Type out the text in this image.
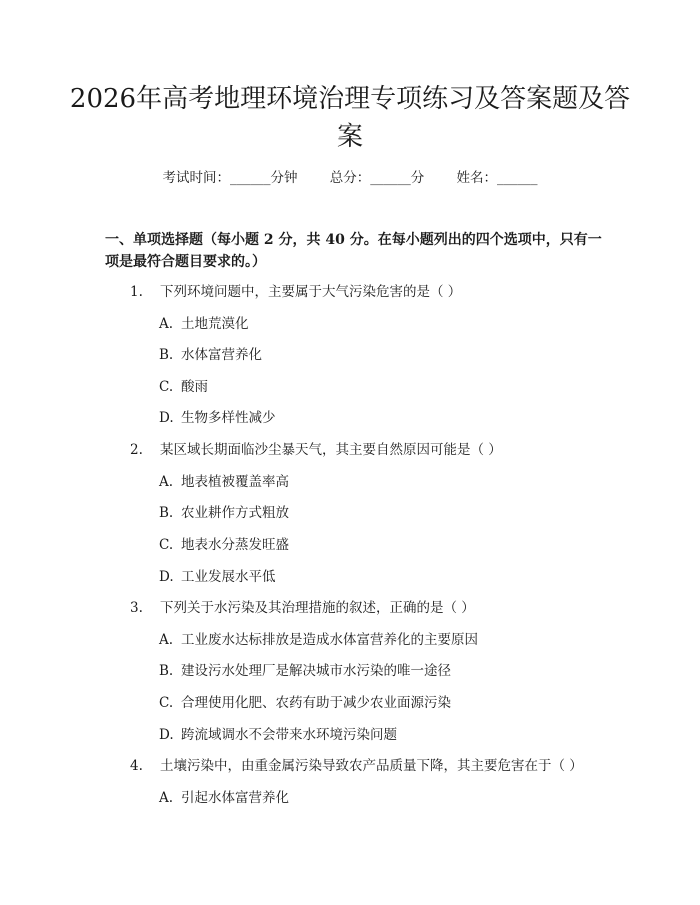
2026年高考地理环境治理专项练习及答案题及答案
考试时间：______分钟 总分：______分 姓名：______
一、单项选择题（每小题 2 分，共 40 分。在每小题列出的四个选项中，只有一项是最符合题目要求的。）
1. 下列环境问题中，主要属于大气污染危害的是（ ）
A. 土地荒漠化
B. 水体富营养化
C. 酸雨
D. 生物多样性减少
2. 某区域长期面临沙尘暴天气，其主要自然原因可能是（ ）
A. 地表植被覆盖率高
B. 农业耕作方式粗放
C. 地表水分蒸发旺盛
D. 工业发展水平低
3. 下列关于水污染及其治理措施的叙述，正确的是（ ）
A. 工业废水达标排放是造成水体富营养化的主要原因
B. 建设污水处理厂是解决城市水污染的唯一途径
C. 合理使用化肥、农药有助于减少农业面源污染
D. 跨流域调水不会带来水环境污染问题
4. 土壤污染中，由重金属污染导致农产品质量下降，其主要危害在于（ ）
A. 引起水体富营养化
